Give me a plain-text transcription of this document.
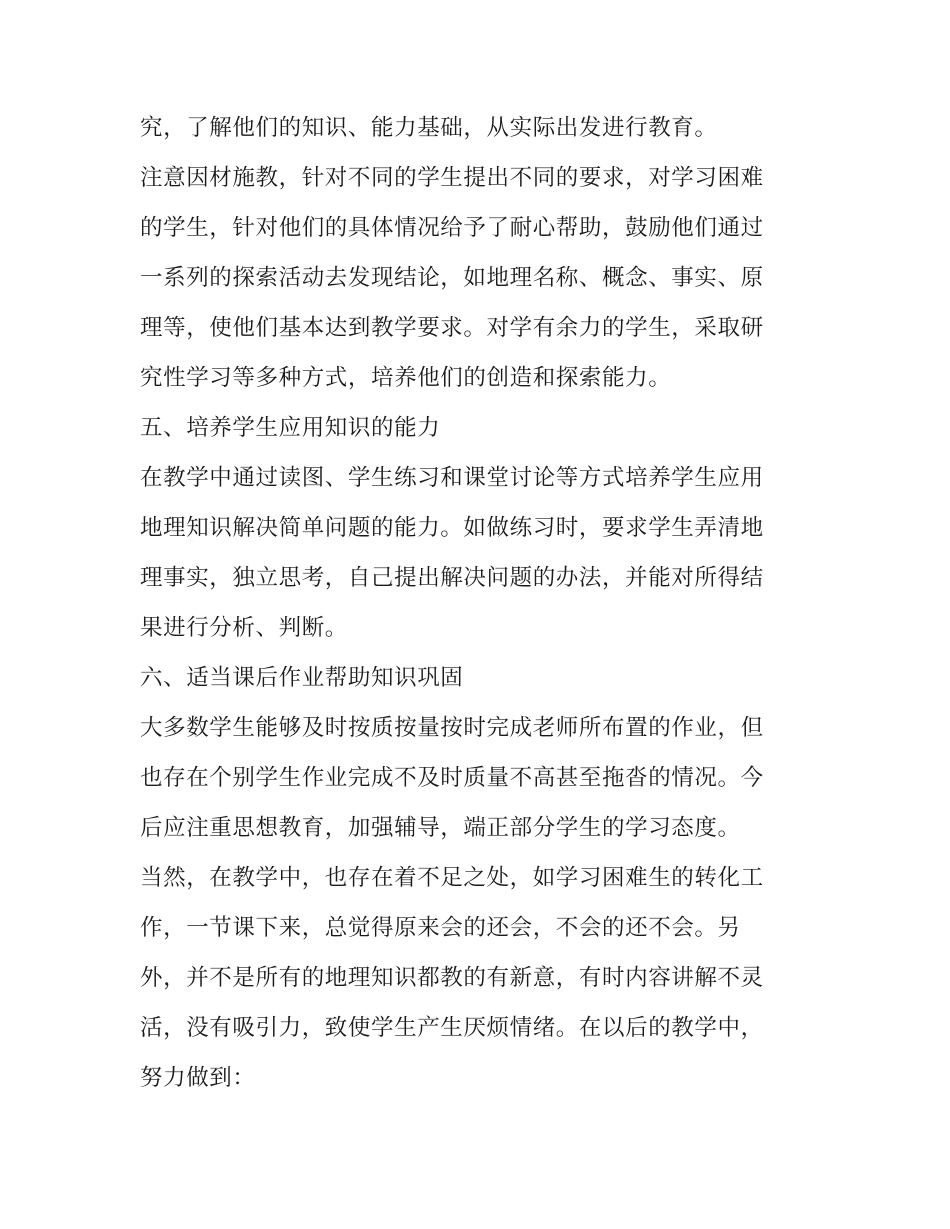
究，了解他们的知识、能力基础，从实际出发进行教育。
注意因材施教，针对不同的学生提出不同的要求，对学习困难
的学生，针对他们的具体情况给予了耐心帮助，鼓励他们通过
一系列的探索活动去发现结论，如地理名称、概念、事实、原
理等，使他们基本达到教学要求。对学有余力的学生，采取研
究性学习等多种方式，培养他们的创造和探索能力。
五、培养学生应用知识的能力
在教学中通过读图、学生练习和课堂讨论等方式培养学生应用
地理知识解决简单问题的能力。如做练习时，要求学生弄清地
理事实，独立思考，自己提出解决问题的办法，并能对所得结
果进行分析、判断。
六、适当课后作业帮助知识巩固
大多数学生能够及时按质按量按时完成老师所布置的作业，但
也存在个别学生作业完成不及时质量不高甚至拖沓的情况。今
后应注重思想教育，加强辅导，端正部分学生的学习态度。
当然，在教学中，也存在着不足之处，如学习困难生的转化工
作，一节课下来，总觉得原来会的还会，不会的还不会。另
外，并不是所有的地理知识都教的有新意，有时内容讲解不灵
活，没有吸引力，致使学生产生厌烦情绪。在以后的教学中，
努力做到：
